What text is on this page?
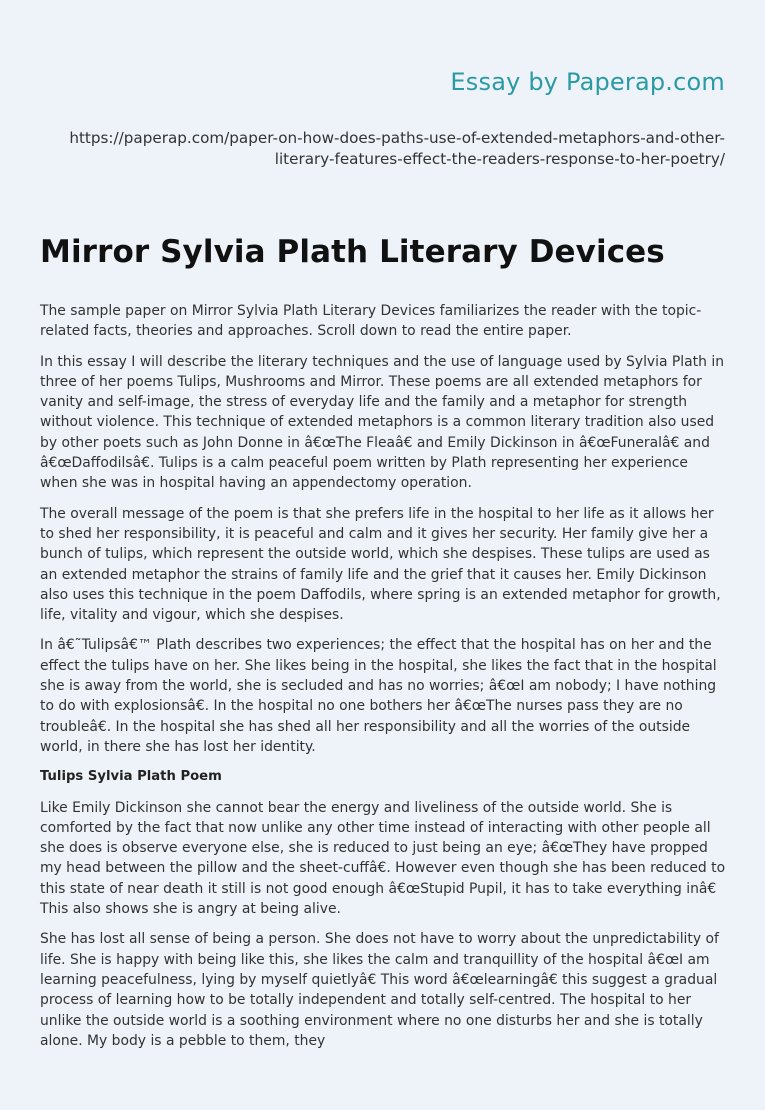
Essay by Paperap.com
https://paperap.com/paper-on-how-does-paths-use-of-extended-metaphors-and-other-
literary-features-effect-the-readers-response-to-her-poetry/
Mirror Sylvia Plath Literary Devices

The sample paper on Mirror Sylvia Plath Literary Devices familiarizes the reader with the topic-related facts, theories and approaches. Scroll down to read the entire paper.

In this essay I will describe the literary techniques and the use of language used by Sylvia Plath in three of her poems Tulips, Mushrooms and Mirror. These poems are all extended metaphors for vanity and self-image, the stress of everyday life and the family and a metaphor for strength without violence. This technique of extended metaphors is a common literary tradition also used by other poets such as John Donne in â€œThe Fleaâ€ and Emily Dickinson in â€œFuneralâ€ and â€œDaffodilsâ€. Tulips is a calm peaceful poem written by Plath representing her experience when she was in hospital having an appendectomy operation.

The overall message of the poem is that she prefers life in the hospital to her life as it allows her to shed her responsibility, it is peaceful and calm and it gives her security. Her family give her a bunch of tulips, which represent the outside world, which she despises. These tulips are used as an extended metaphor the strains of family life and the grief that it causes her. Emily Dickinson also uses this technique in the poem Daffodils, where spring is an extended metaphor for growth, life, vitality and vigour, which she despises.

In â€˜Tulipsâ€™ Plath describes two experiences; the effect that the hospital has on her and the effect the tulips have on her. She likes being in the hospital, she likes the fact that in the hospital she is away from the world, she is secluded and has no worries; â€œI am nobody; I have nothing to do with explosionsâ€. In the hospital no one bothers her â€œThe nurses pass they are no troubleâ€. In the hospital she has shed all her responsibility and all the worries of the outside world, in there she has lost her identity.

Tulips Sylvia Plath Poem

Like Emily Dickinson she cannot bear the energy and liveliness of the outside world. She is comforted by the fact that now unlike any other time instead of interacting with other people all she does is observe everyone else, she is reduced to just being an eye; â€œThey have propped my head between the pillow and the sheet-cuffâ€. However even though she has been reduced to this state of near death it still is not good enough â€œStupid Pupil, it has to take everything inâ€ This also shows she is angry at being alive.

She has lost all sense of being a person. She does not have to worry about the unpredictability of life. She is happy with being like this, she likes the calm and tranquillity of the hospital â€œI am learning peacefulness, lying by myself quietlyâ€ This word â€œlearningâ€ this suggest a gradual process of learning how to be totally independent and totally self-centred. The hospital to her unlike the outside world is a soothing environment where no one disturbs her and she is totally alone. My body is a pebble to them, they
